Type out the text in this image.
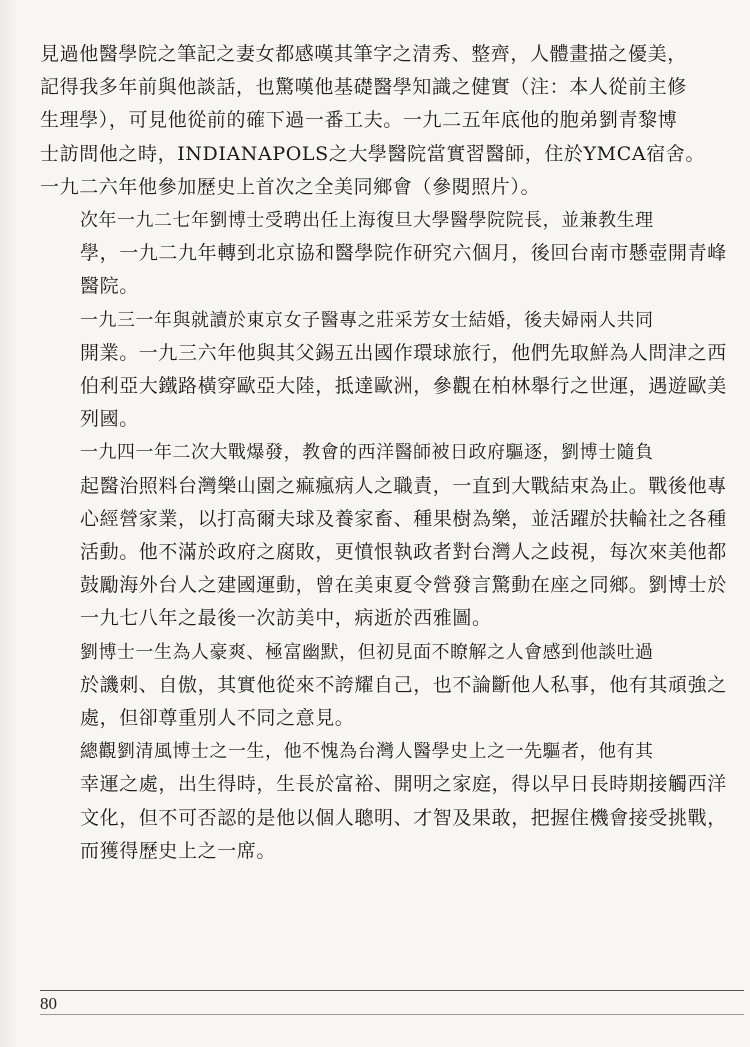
見過他醫學院之筆記之妻女都感嘆其筆字之清秀、整齊，人體畫描之優美，
記得我多年前與他談話，也驚嘆他基礎醫學知識之健實（注：本人從前主修
生理學），可見他從前的確下過一番工夫。一九二五年底他的胞弟劉青黎博
士訪問他之時，INDIANAPOLS之大學醫院當實習醫師，住於YMCA宿舍。
一九二六年他參加歷史上首次之全美同鄉會（參閱照片）。

次年一九二七年劉博士受聘出任上海復旦大學醫學院院長，並兼教生理
學，一九二九年轉到北京協和醫學院作研究六個月，後回台南市懸壺開青峰
醫院。

一九三一年與就讀於東京女子醫專之莊采芳女士結婚，後夫婦兩人共同
開業。一九三六年他與其父錫五出國作環球旅行，他們先取鮮為人問津之西
伯利亞大鐵路橫穿歐亞大陸，抵達歐洲，參觀在柏林舉行之世運，遇遊歐美
列國。

一九四一年二次大戰爆發，教會的西洋醫師被日政府驅逐，劉博士隨負
起醫治照料台灣樂山園之痲瘋病人之職責，一直到大戰結束為止。戰後他專
心經營家業，以打高爾夫球及養家畜、種果樹為樂，並活躍於扶輪社之各種
活動。他不滿於政府之腐敗，更憤恨執政者對台灣人之歧視，每次來美他都
鼓勵海外台人之建國運動，曾在美東夏令營發言驚動在座之同鄉。劉博士於
一九七八年之最後一次訪美中，病逝於西雅圖。

劉博士一生為人豪爽、極富幽默，但初見面不瞭解之人會感到他談吐過
於譏刺、自傲，其實他從來不誇耀自己，也不論斷他人私事，他有其頑強之
處，但卻尊重別人不同之意見。

總觀劉清風博士之一生，他不愧為台灣人醫學史上之一先驅者，他有其
幸運之處，出生得時，生長於富裕、開明之家庭，得以早日長時期接觸西洋
文化，但不可否認的是他以個人聰明、才智及果敢，把握住機會接受挑戰，
而獲得歷史上之一席。

80
